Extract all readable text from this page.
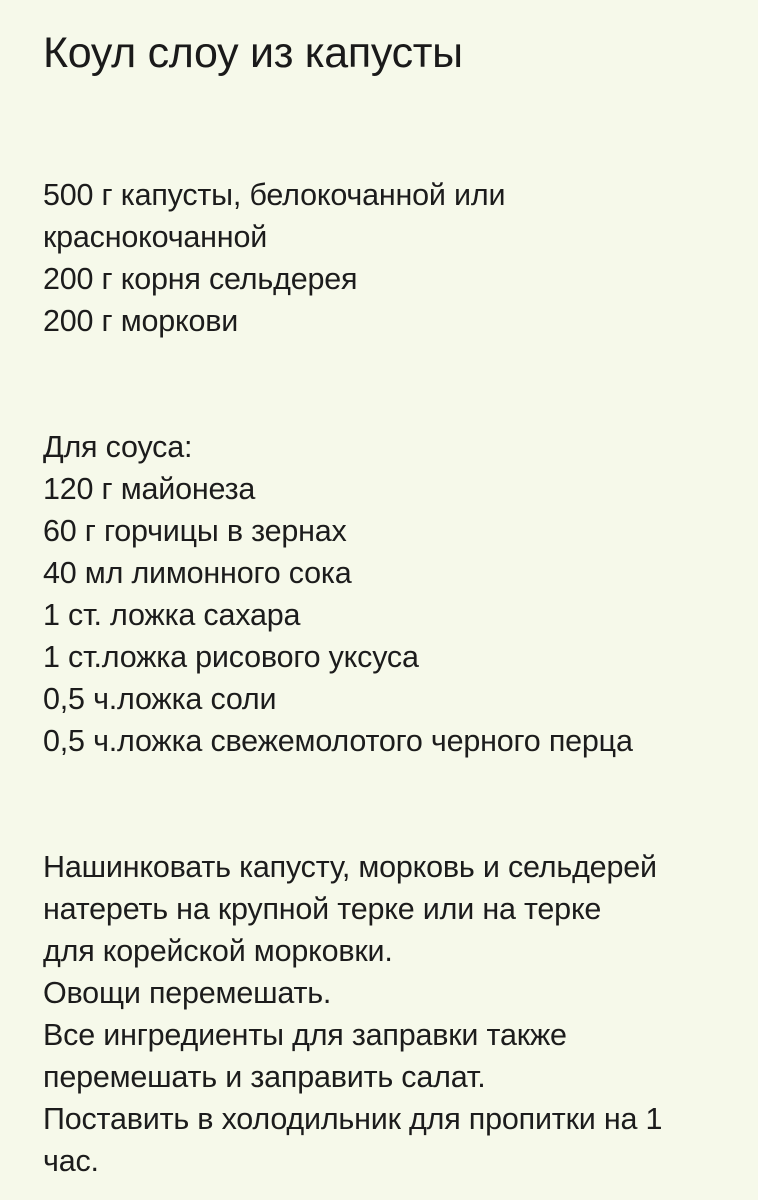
Коул слоу из капусты
500 г капусты, белокочанной или
краснокочанной
200 г корня сельдерея
200 г моркови
Для соуса:
120 г майонеза
60 г горчицы в зернах
40 мл лимонного сока
1 ст. ложка сахара
1 ст.ложка рисового уксуса
0,5 ч.ложка соли
0,5 ч.ложка свежемолотого черного перца
Нашинковать капусту, морковь и сельдерей
натереть на крупной терке или на терке
для корейской морковки.
Овощи перемешать.
Все ингредиенты для заправки также
перемешать и заправить салат.
Поставить в холодильник для пропитки на 1
час.
